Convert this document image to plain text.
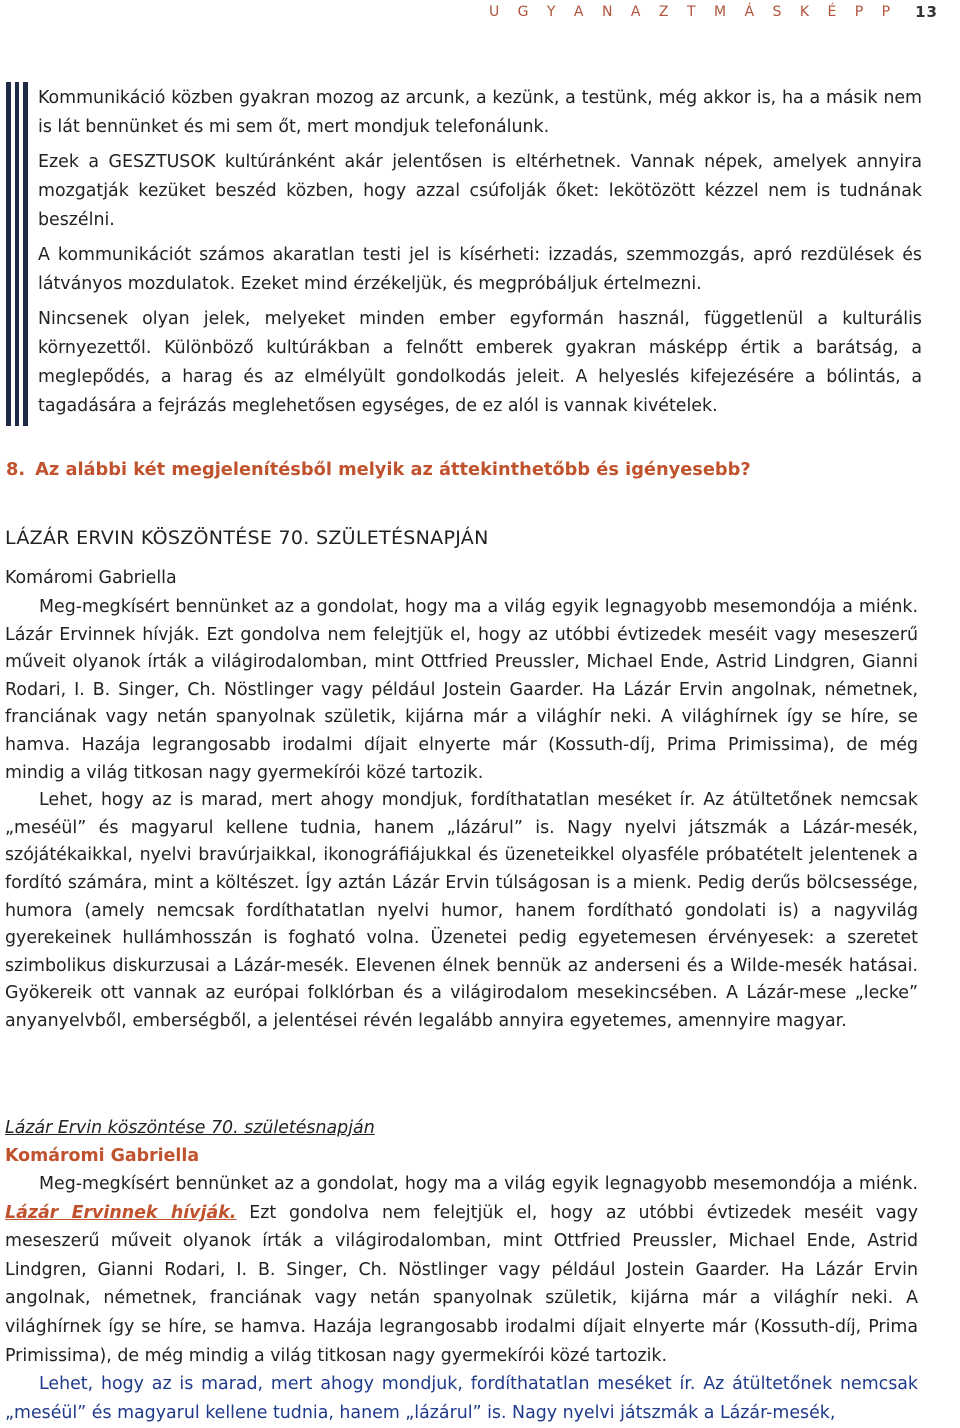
U G Y A N A Z T M Á S K É P P 13

Kommunikáció közben gyakran mozog az arcunk, a kezünk, a testünk, még akkor is, ha a másik nem is lát bennünket és mi sem őt, mert mondjuk telefonálunk.

Ezek a GESZTUSOK kultúránként akár jelentősen is eltérhetnek. Vannak népek, amelyek annyira mozgatják kezüket beszéd közben, hogy azzal csúfolják őket: lekötözött kézzel nem is tudnának beszélni.

A kommunikációt számos akaratlan testi jel is kísérheti: izzadás, szemmozgás, apró rezdülések és látványos mozdulatok. Ezeket mind érzékeljük, és megpróbáljuk értelmezni.

Nincsenek olyan jelek, melyeket minden ember egyformán használ, függetlenül a kulturális környezettől. Különböző kultúrákban a felnőtt emberek gyakran másképp értik a barátság, a meglepődés, a harag és az elmélyült gondolkodás jeleit. A helyeslés kifejezésére a bólintás, a tagadására a fejrázás meglehetősen egységes, de ez alól is vannak kivételek.

8. Az alábbi két megjelenítésből melyik az áttekinthetőbb és igényesebb?

LÁZÁR ERVIN KÖSZÖNTÉSE 70. SZÜLETÉSNAPJÁN
Komáromi Gabriella

Meg-megkísért bennünket az a gondolat, hogy ma a világ egyik legnagyobb mesemondója a miénk. Lázár Ervinnek hívják. Ezt gondolva nem felejtjük el, hogy az utóbbi évtizedek meséit vagy meseszerű műveit olyanok írták a világirodalomban, mint Ottfried Preussler, Michael Ende, Astrid Lindgren, Gianni Rodari, I. B. Singer, Ch. Nöstlinger vagy például Jostein Gaarder. Ha Lázár Ervin angolnak, németnek, franciának vagy netán spanyolnak születik, kijárna már a világhír neki. A világhírnek így se híre, se hamva. Hazája legrangosabb irodalmi díjait elnyerte már (Kossuth-díj, Prima Primissima), de még mindig a világ titkosan nagy gyermekírói közé tartozik.

Lehet, hogy az is marad, mert ahogy mondjuk, fordíthatatlan meséket ír. Az átültetőnek nemcsak „meséül” és magyarul kellene tudnia, hanem „lázárul” is. Nagy nyelvi játszmák a Lázár-mesék, szójátékaikkal, nyelvi bravúrjaikkal, ikonográfiájukkal és üzeneteikkel olyasféle próbatételt jelentenek a fordító számára, mint a költészet. Így aztán Lázár Ervin túlságosan is a mienk. Pedig derűs bölcsessége, humora (amely nemcsak fordíthatatlan nyelvi humor, hanem fordítható gondolati is) a nagyvilág gyerekeinek hullámhosszán is fogható volna. Üzenetei pedig egyetemesen érvényesek: a szeretet szimbolikus diskurzusai a Lázár-mesék. Elevenen élnek bennük az anderseni és a Wilde-mesék hatásai. Gyökereik ott vannak az európai folklórban és a világirodalom mesekincsében. A Lázár-mese „lecke” anyanyelvből, emberségből, a jelentései révén legalább annyira egyetemes, amennyire magyar.

Lázár Ervin köszöntése 70. születésnapján

Komáromi Gabriella

Meg-megkísért bennünket az a gondolat, hogy ma a világ egyik legnagyobb mesemondója a miénk. Lázár Ervinnek hívják. Ezt gondolva nem felejtjük el, hogy az utóbbi évtizedek meséit vagy meseszerű műveit olyanok írták a világirodalomban, mint Ottfried Preussler, Michael Ende, Astrid Lindgren, Gianni Rodari, I. B. Singer, Ch. Nöstlinger vagy például Jostein Gaarder. Ha Lázár Ervin angolnak, németnek, franciának vagy netán spanyolnak születik, kijárna már a világhír neki. A világhírnek így se híre, se hamva. Hazája legrangosabb irodalmi díjait elnyerte már (Kossuth-díj, Prima Primissima), de még mindig a világ titkosan nagy gyermekírói közé tartozik.

Lehet, hogy az is marad, mert ahogy mondjuk, fordíthatatlan meséket ír. Az átültetőnek nemcsak „meséül” és magyarul kellene tudnia, hanem „lázárul” is. Nagy nyelvi játszmák a Lázár-mesék,
